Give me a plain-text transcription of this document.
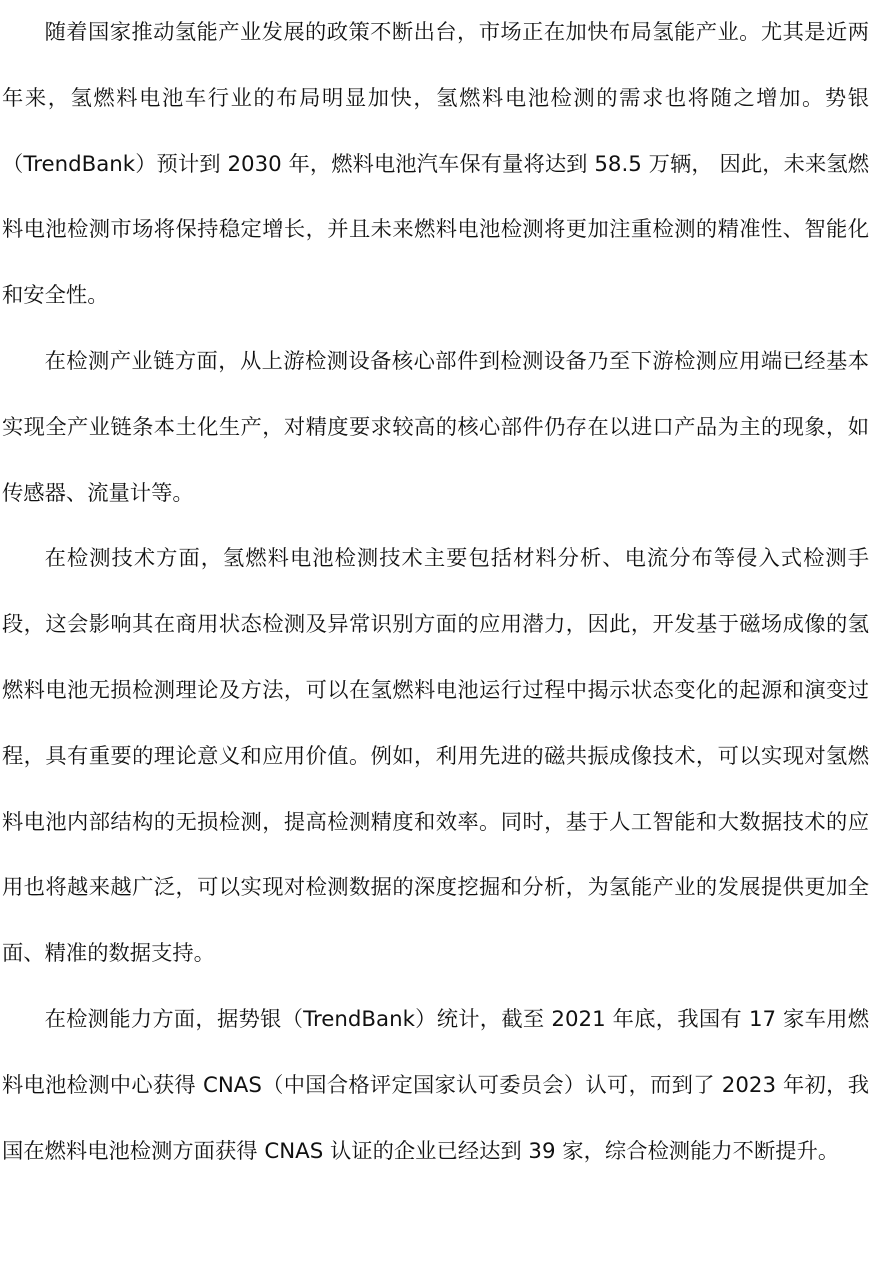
随着国家推动氢能产业发展的政策不断出台，市场正在加快布局氢能产业。尤其是近两年来，氢燃料电池车行业的布局明显加快，氢燃料电池检测的需求也将随之增加。势银（TrendBank）预计到 2030 年，燃料电池汽车保有量将达到 58.5 万辆， 因此，未来氢燃料电池检测市场将保持稳定增长，并且未来燃料电池检测将更加注重检测的精准性、智能化和安全性。

在检测产业链方面，从上游检测设备核心部件到检测设备乃至下游检测应用端已经基本实现全产业链条本土化生产，对精度要求较高的核心部件仍存在以进口产品为主的现象，如传感器、流量计等。

在检测技术方面，氢燃料电池检测技术主要包括材料分析、电流分布等侵入式检测手段，这会影响其在商用状态检测及异常识别方面的应用潜力，因此，开发基于磁场成像的氢燃料电池无损检测理论及方法，可以在氢燃料电池运行过程中揭示状态变化的起源和演变过程，具有重要的理论意义和应用价值。例如，利用先进的磁共振成像技术，可以实现对氢燃料电池内部结构的无损检测，提高检测精度和效率。同时，基于人工智能和大数据技术的应用也将越来越广泛，可以实现对检测数据的深度挖掘和分析，为氢能产业的发展提供更加全面、精准的数据支持。

在检测能力方面，据势银（TrendBank）统计，截至 2021 年底，我国有 17 家车用燃料电池检测中心获得 CNAS（中国合格评定国家认可委员会）认可，而到了 2023 年初，我国在燃料电池检测方面获得 CNAS 认证的企业已经达到 39 家，综合检测能力不断提升。
